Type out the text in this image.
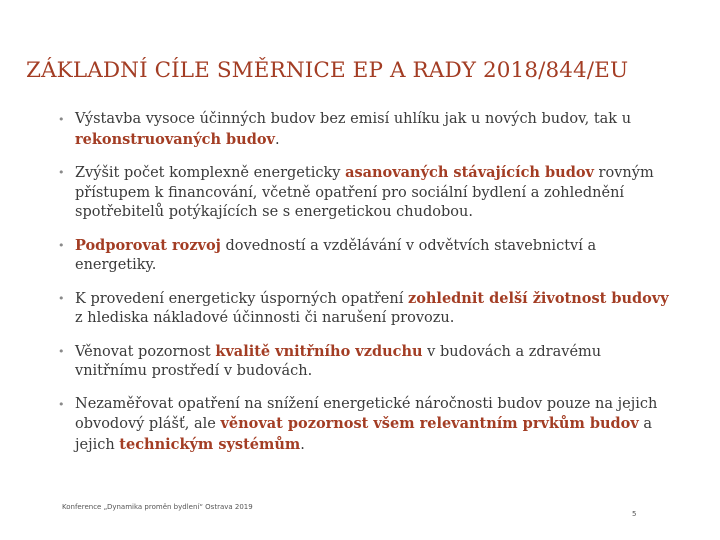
ZÁKLADNÍ CÍLE SMĚRNICE EP A RADY 2018/844/EU
• Výstavba vysoce účinných budov bez emisí uhlíku jak u nových budov, tak u rekonstruovaných budov.
• Zvýšit počet komplexně energeticky asanovaných stávajících budov rovným přístupem k financování, včetně opatření pro sociální bydlení a zohlednění spotřebitelů potýkajících se s energetickou chudobou.
• Podporovat rozvoj dovedností a vzdělávání v odvětvích stavebnictví a energetiky.
• K provedení energeticky úsporných opatření zohlednit delší životnost budovy z hlediska nákladové účinnosti či narušení provozu.
• Věnovat pozornost kvalitě vnitřního vzduchu v budovách a zdravému vnitřnímu prostředí v budovách.
• Nezaměřovat opatření na snížení energetické náročnosti budov pouze na jejich obvodový plášť, ale věnovat pozornost všem relevantním prvkům budov a jejich technickým systémům.
Konference „Dynamika proměn bydlení“ Ostrava 2019
5
